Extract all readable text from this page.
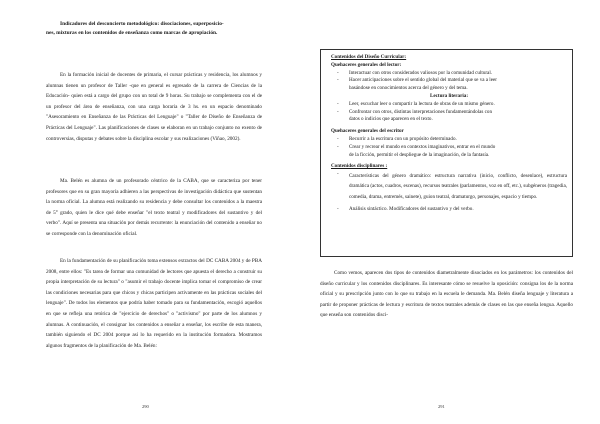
Indicadores del desconcierto metodológico: disociaciones, superposicio-
nes, mixturas en los contenidos de enseñanza como marcas de apropiación.

En la formación inicial de docentes de primaria, el cursar prácticas y residencia, los alumnos y alumnas tienen un profesor de Taller -que en general es egresado de la carrera de Ciencias de la Educación- quien está a cargo del grupo con un total de 9 horas. Su trabajo se complementa con el de un profesor del área de enseñanza, con una carga horaria de 3 hs. en un espacio denominado "Asesoramiento en Enseñanza de las Prácticas del Lenguaje" o "Taller de Diseño de Enseñanza de Prácticas del Lenguaje". Las planificaciones de clases se elaboran en un trabajo conjunto no exento de controversias, disputas y debates sobre la disciplina escolar y sus realizaciones (Viñao, 2002).

Ma. Belén es alumna de un profesorado céntrico de la CABA, que se caracteriza por tener profesores que en su gran mayoría adhieren a las perspectivas de investigación didáctica que sustentan la norma oficial. La alumna está realizando su residencia y debe consultar los contenidos a la maestra de 5° grado, quien le dice qué debe enseñar "el texto teatral y modificadores del sustantivo y del verbo". Aquí se presenta una situación por demás recurrente: la enunciación del contenido a enseñar no se corresponde con la denominación oficial.

En la fundamentación de su planificación toma extensos extractos del DC CABA 2004 y de PBA 2008, entre ellos: "Es tarea de formar una comunidad de lectores que apuesta el derecho a construir su propia interpretación de su lectura" o "asumir el trabajo docente implica tomar el compromiso de crear las condiciones necesarias para que chicos y chicas participen activamente en las prácticas sociales del lenguaje". De todos los elementos que podría haber tomado para su fundamentación, escogió aquellos en que se refleja una retórica de "ejercicio de derechos" o "activismo" por parte de los alumnos y alumnas. A continuación, el consignar los contenidos a enseñar a enseñar, los escribe de esta manera, también siguiendo el DC 2004 porque así lo ha requerido en la institución formadora. Mostramos algunos fragmentos de la planificación de Ma. Belén:

290
Contenidos del Diseño Curricular:
Quehaceres generales del lector:
-	Interactuar con otros considerados valiosos por la comunidad cultural.
-	Hacer anticipaciones sobre el sentido global del material que se va a leer
basándose en conocimientos acerca del género y del tema.
Lectura literaria:
-	Leer, escuchar leer o compartir la lectura de obras de un mismo género.
-	Confrontar con otros, distintas interpretaciones fundamentándolas con
datos o indicios que aparecen en el texto.
Quehaceres generales del escritor
-	Recurrir a la escritura con un propósito determinado.
-	Crear y recrear el mundo en contextos imaginativos, entrar en el mundo
de la ficción, permitir el despliegue de la imaginación, de la fantasía.
Contenidos disciplinares :
-	Características del género dramático: estructura narrativa (inicio, conflicto, desenlace), estructura dramática (actos, cuadros, escenas), recursos teatrales (parlamentos, voz en off, etc.), subgéneros (tragedia, comedia, drama, entremés, sainete), guion teatral, dramaturgo, personajes, espacio y tiempo.
-	Análisis sintáctico. Modificadores del sustantivo y del verbo.

Como vemos, aparecen dos tipos de contenidos diametralmente disociados en los parámetros: los contenidos del diseño curricular y los contenidos disciplinares. Es interesante cómo se resuelve la oposición: consigna los de la norma oficial y su prescripción junto con lo que su trabajo en la escuela le demanda. Ma. Belén diseña lenguaje y literatura a partir de proponer prácticas de lectura y escritura de textos teatrales además de clases en las que enseña lengua. Aquello que enseña son contenidos disci-

291
